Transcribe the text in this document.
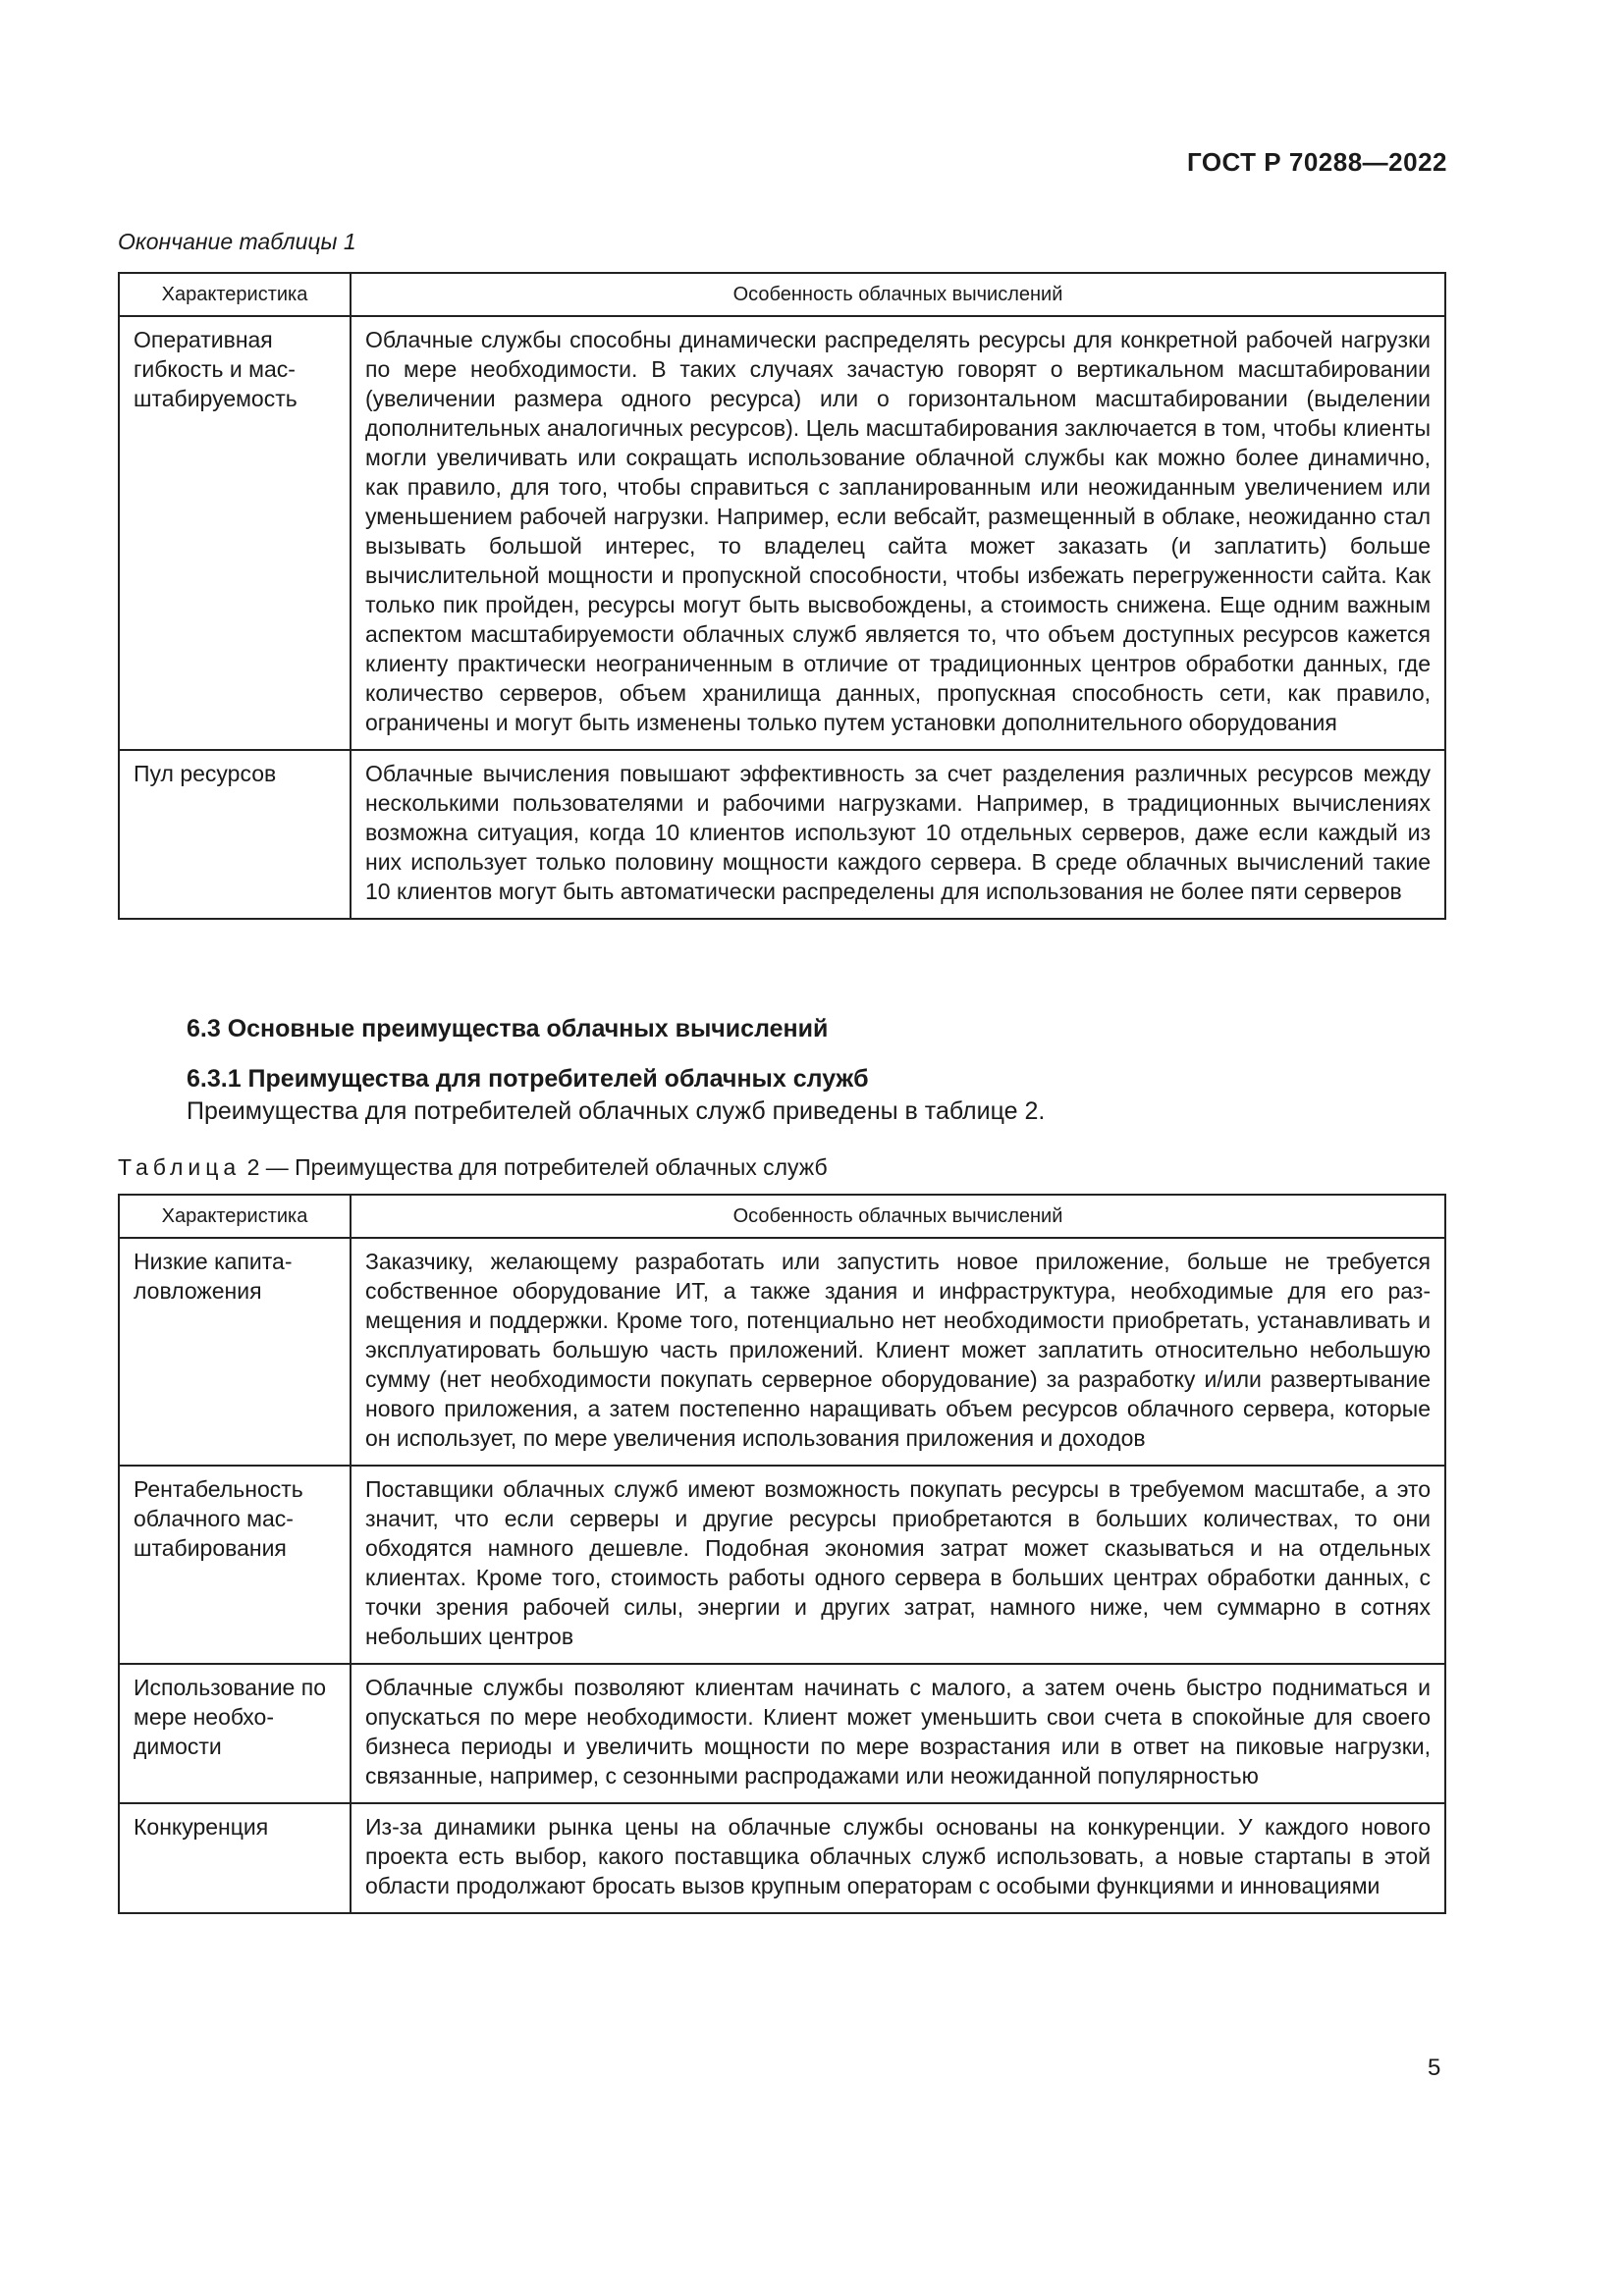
ГОСТ Р 70288—2022
Окончание таблицы 1
Характеристика	Особенность облачных вычислений
Оперативная гибкость и масштабируемость	Облачные службы способны динамически распределять ресурсы для конкретной рабочей нагрузки по мере необходимости. В таких случаях зачастую говорят о вертикальном масштабировании (увеличении размера одного ресурса) или о горизонтальном масштабировании (выделении дополнительных аналогичных ресурсов). Цель масштабирования заключается в том, чтобы клиенты могли увеличивать или сокращать использование облачной службы как можно более динамично, как правило, для того, чтобы справиться с запланированным или неожиданным увеличением или уменьшением рабочей нагрузки. Например, если вебсайт, размещенный в облаке, неожиданно стал вызывать большой интерес, то владелец сайта может заказать (и заплатить) больше вычислительной мощности и пропускной способности, чтобы избежать перегруженности сайта. Как только пик пройден, ресурсы могут быть высвобождены, а стоимость снижена. Еще одним важным аспектом масштабируемости облачных служб является то, что объем доступных ресурсов кажется клиенту практически неограниченным в отличие от традиционных центров обработки данных, где количество серверов, объем хранилища данных, пропускная способность сети, как правило, ограничены и могут быть изменены только путем установки дополнительного оборудования
Пул ресурсов	Облачные вычисления повышают эффективность за счет разделения различных ресурсов между несколькими пользователями и рабочими нагрузками. Например, в традиционных вычислениях возможна ситуация, когда 10 клиентов используют 10 отдельных серверов, даже если каждый из них использует только половину мощности каждого сервера. В среде облачных вычислений такие 10 клиентов могут быть автоматически распределены для использования не более пяти серверов
6.3 Основные преимущества облачных вычислений
6.3.1 Преимущества для потребителей облачных служб
Преимущества для потребителей облачных служб приведены в таблице 2.
Таблица 2 — Преимущества для потребителей облачных служб
Характеристика	Особенность облачных вычислений
Низкие капиталовложения	Заказчику, желающему разработать или запустить новое приложение, больше не требуется собственное оборудование ИТ, а также здания и инфраструктура, необходимые для его размещения и поддержки. Кроме того, потенциально нет необходимости приобретать, устанавливать и эксплуатировать большую часть приложений. Клиент может заплатить относительно небольшую сумму (нет необходимости покупать серверное оборудование) за разработку и/или развертывание нового приложения, а затем постепенно наращивать объем ресурсов облачного сервера, которые он использует, по мере увеличения использования приложения и доходов
Рентабельность облачного масштабирования	Поставщики облачных служб имеют возможность покупать ресурсы в требуемом масштабе, а это значит, что если серверы и другие ресурсы приобретаются в больших количествах, то они обходятся намного дешевле. Подобная экономия затрат может сказываться и на отдельных клиентах. Кроме того, стоимость работы одного сервера в больших центрах обработки данных, с точки зрения рабочей силы, энергии и других затрат, намного ниже, чем суммарно в сотнях небольших центров
Использование по мере необходимости	Облачные службы позволяют клиентам начинать с малого, а затем очень быстро подниматься и опускаться по мере необходимости. Клиент может уменьшить свои счета в спокойные для своего бизнеса периоды и увеличить мощности по мере возрастания или в ответ на пиковые нагрузки, связанные, например, с сезонными распродажами или неожиданной популярностью
Конкуренция	Из-за динамики рынка цены на облачные службы основаны на конкуренции. У каждого нового проекта есть выбор, какого поставщика облачных служб использовать, а новые стартапы в этой области продолжают бросать вызов крупным операторам с особыми функциями и инновациями
5
